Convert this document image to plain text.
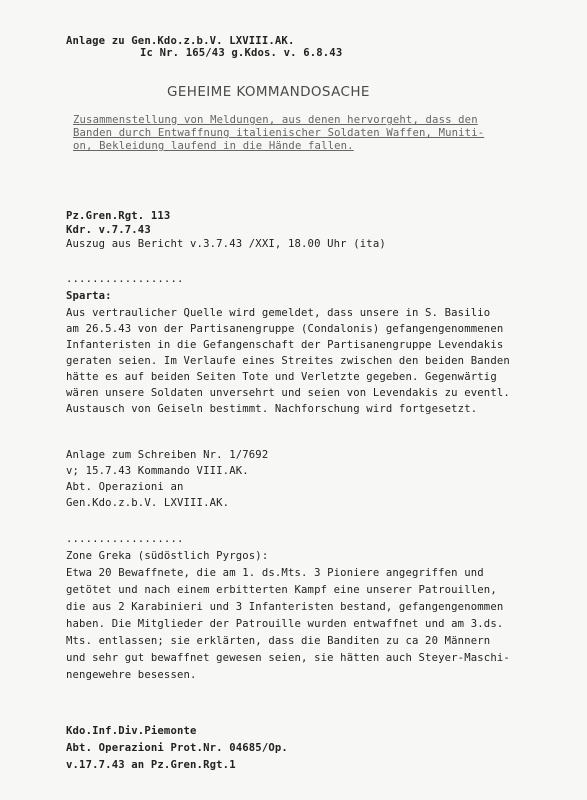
Anlage zu Gen.Kdo.z.b.V. LXVIII.AK.
Ic Nr. 165/43 g.Kdos. v. 6.8.43
GEHEIME KOMMANDOSACHE
Zusammenstellung von Meldungen, aus denen hervorgeht, dass den
Banden durch Entwaffnung italienischer Soldaten Waffen, Muniti-
on, Bekleidung laufend in die Hände fallen.
Pz.Gren.Rgt. 113
Kdr. v.7.7.43
Auszug aus Bericht v.3.7.43 /XXI, 18.00 Uhr (ita)
..................
Sparta:
Aus vertraulicher Quelle wird gemeldet, dass unsere in S. Basilio
am 26.5.43 von der Partisanengruppe (Condalonis) gefangengenommenen
Infanteristen in die Gefangenschaft der Partisanengruppe Levendakis
geraten seien. Im Verlaufe eines Streites zwischen den beiden Banden
hätte es auf beiden Seiten Tote und Verletzte gegeben. Gegenwärtig
wären unsere Soldaten unversehrt und seien von Levendakis zu eventl.
Austausch von Geiseln bestimmt. Nachforschung wird fortgesetzt.
Anlage zum Schreiben Nr. 1/7692
v; 15.7.43 Kommando VIII.AK.
Abt. Operazioni an
Gen.Kdo.z.b.V. LXVIII.AK.
..................
Zone Greka (südöstlich Pyrgos):
Etwa 20 Bewaffnete, die am 1. ds.Mts. 3 Pioniere angegriffen und
getötet und nach einem erbitterten Kampf eine unserer Patrouillen,
die aus 2 Karabinieri und 3 Infanteristen bestand, gefangengenommen
haben. Die Mitglieder der Patrouille wurden entwaffnet und am 3.ds.
Mts. entlassen; sie erklärten, dass die Banditen zu ca 20 Männern
und sehr gut bewaffnet gewesen seien, sie hätten auch Steyer-Maschi-
nengewehre besessen.
Kdo.Inf.Div.Piemonte
Abt. Operazioni Prot.Nr. 04685/Op.
v.17.7.43 an Pz.Gren.Rgt.1
